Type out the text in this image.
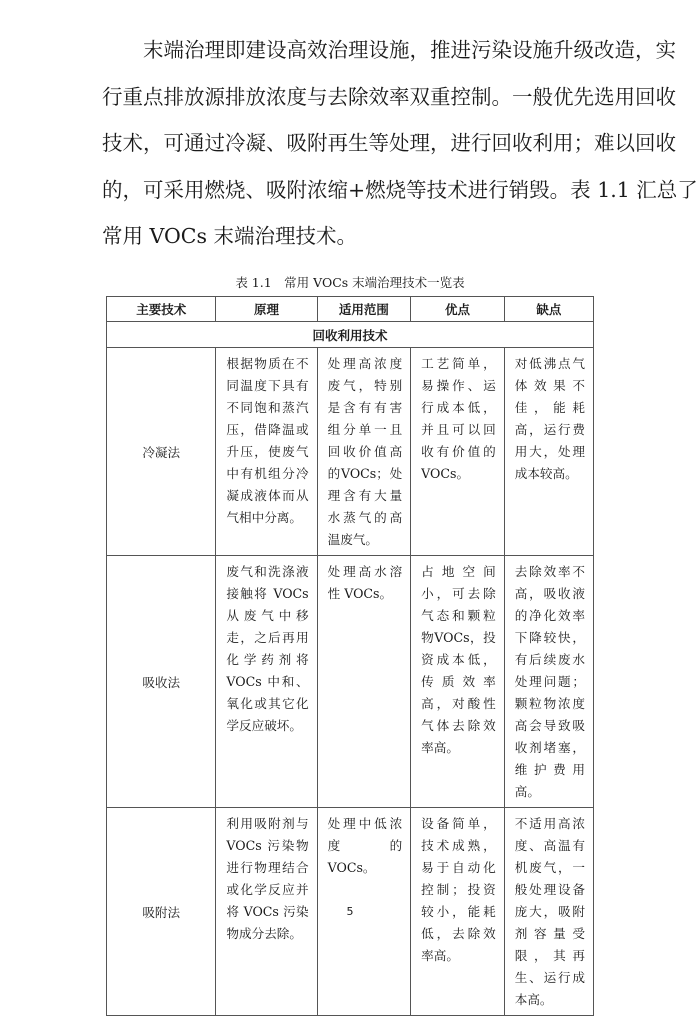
末端治理即建设高效治理设施，推进污染设施升级改造，实
行重点排放源排放浓度与去除效率双重控制。一般优先选用回收
技术，可通过冷凝、吸附再生等处理，进行回收利用；难以回收
的，可采用燃烧、吸附浓缩+燃烧等技术进行销毁。表 1.1 汇总了
常用 VOCs 末端治理技术。
表 1.1　常用 VOCs 末端治理技术一览表
主要技术	原理	适用范围	优点	缺点
回收利用技术				
冷凝法	根据物质在不同温度下具有不同饱和蒸汽压，借降温或升压，使废气中有机组分冷凝成液体而从气相中分离。	处理高浓度废气，特别是含有有害组分单一且回收价值高的VOCs；处理含有大量水蒸气的高温废气。	工艺简单，易操作、运行成本低，并且可以回收有价值的 VOCs。	对低沸点气体效果不佳，能耗高，运行费用大，处理成本较高。
吸收法	废气和洗涤液接触将 VOCs 从废气中移走，之后再用化学药剂将 VOCs 中和、氧化或其它化学反应破坏。	处理高水溶性 VOCs。	占地空间小，可去除气态和颗粒物VOCs，投资成本低，传质效率高，对酸性气体去除效率高。	去除效率不高，吸收液的净化效率下降较快，有后续废水处理问题；颗粒物浓度高会导致吸收剂堵塞，维护费用高。
吸附法	利用吸附剂与 VOCs 污染物进行物理结合或化学反应并将 VOCs 污染物成分去除。	处理中低浓度的 VOCs。	设备简单，技术成熟，易于自动化控制；投资较小，能耗低，去除效率高。	不适用高浓度、高温有机废气，一般处理设备庞大，吸附剂容量受限，其再生、运行成本高。
5
